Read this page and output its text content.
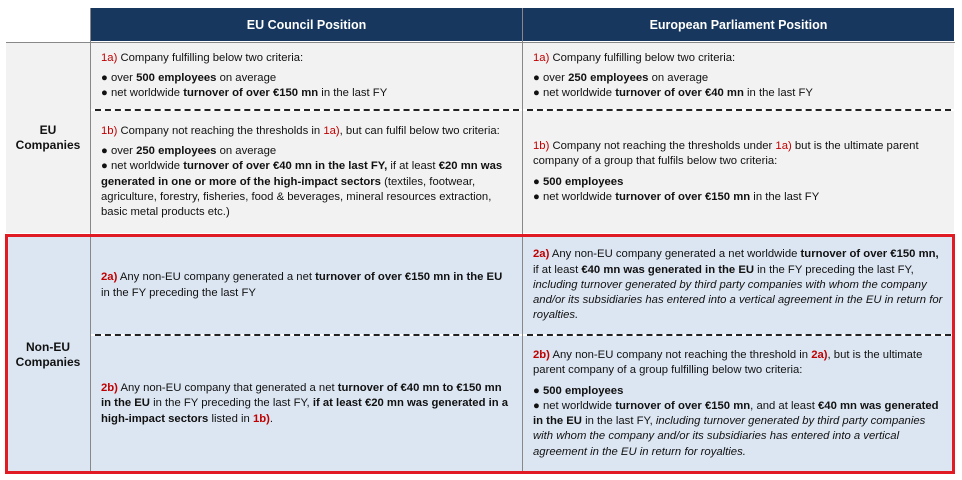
EU Council Position	European Parliament Position
EU
Companies
Non-EU
Companies

1a) Company fulfilling below two criteria:

● over 500 employees on average

● net worldwide turnover of over €150 mn in the last FY

1b) Company not reaching the thresholds in 1a), but can fulfil below two criteria:

● over 250 employees on average

● net worldwide turnover of over €40 mn in the last FY, if at least €20 mn was generated in one or more of the high-impact sectors (textiles, footwear, agriculture, forestry, fisheries, food & beverages, mineral resources extraction, basic metal products etc.)

1a) Company fulfilling below two criteria:

● over 250 employees on average

● net worldwide turnover of over €40 mn in the last FY

1b) Company not reaching the thresholds under 1a) but is the ultimate parent company of a group that fulfils below two criteria:

● 500 employees

● net worldwide turnover of over €150 mn in the last FY

2a) Any non-EU company generated a net turnover of over €150 mn in the EU in the FY preceding the last FY

2b) Any non-EU company that generated a net turnover of €40 mn to €150 mn in the EU in the FY preceding the last FY, if at least €20 mn was generated in a high-impact sectors listed in 1b).

2a) Any non-EU company generated a net worldwide turnover of over €150 mn, if at least €40 mn was generated in the EU in the FY preceding the last FY, including turnover generated by third party companies with whom the company and/or its subsidiaries has entered into a vertical agreement in the EU in return for royalties.

2b) Any non-EU company not reaching the threshold in 2a), but is the ultimate parent company of a group fulfilling below two criteria:

● 500 employees

● net worldwide turnover of over €150 mn, and at least €40 mn was generated in the EU in the last FY, including turnover generated by third party companies with whom the company and/or its subsidiaries has entered into a vertical agreement in the EU in return for royalties.
